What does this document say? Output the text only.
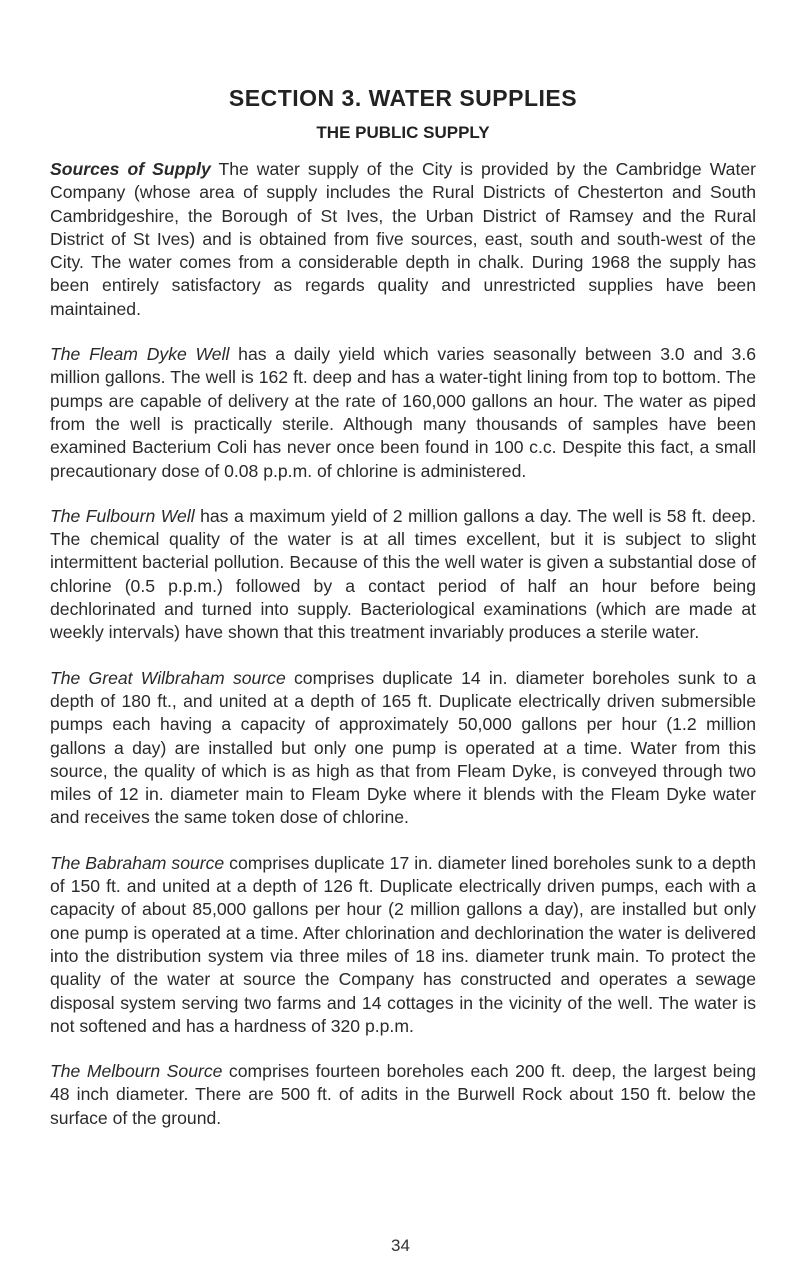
SECTION 3. WATER SUPPLIES
THE PUBLIC SUPPLY

Sources of Supply The water supply of the City is provided by the Cambridge Water Company (whose area of supply includes the Rural Districts of Chesterton and South Cambridgeshire, the Borough of St Ives, the Urban District of Ramsey and the Rural District of St Ives) and is obtained from five sources, east, south and south-west of the City. The water comes from a considerable depth in chalk. During 1968 the supply has been entirely satisfactory as regards quality and unrestricted supplies have been maintained.

The Fleam Dyke Well has a daily yield which varies seasonally between 3.0 and 3.6 million gallons. The well is 162 ft. deep and has a water-tight lining from top to bottom. The pumps are capable of delivery at the rate of 160,000 gallons an hour. The water as piped from the well is practically sterile. Although many thousands of samples have been examined Bacterium Coli has never once been found in 100 c.c. Despite this fact, a small precautionary dose of 0.08 p.p.m. of chlorine is administered.

The Fulbourn Well has a maximum yield of 2 million gallons a day. The well is 58 ft. deep. The chemical quality of the water is at all times excellent, but it is subject to slight intermittent bacterial pollution. Because of this the well water is given a substantial dose of chlorine (0.5 p.p.m.) followed by a contact period of half an hour before being dechlorinated and turned into supply. Bacteriological examinations (which are made at weekly intervals) have shown that this treatment invariably produces a sterile water.

The Great Wilbraham source comprises duplicate 14 in. diameter boreholes sunk to a depth of 180 ft., and united at a depth of 165 ft. Duplicate electrically driven submersible pumps each having a capacity of approximately 50,000 gallons per hour (1.2 million gallons a day) are installed but only one pump is operated at a time. Water from this source, the quality of which is as high as that from Fleam Dyke, is conveyed through two miles of 12 in. diameter main to Fleam Dyke where it blends with the Fleam Dyke water and receives the same token dose of chlorine.

The Babraham source comprises duplicate 17 in. diameter lined boreholes sunk to a depth of 150 ft. and united at a depth of 126 ft. Duplicate electrically driven pumps, each with a capacity of about 85,000 gallons per hour (2 million gallons a day), are installed but only one pump is operated at a time. After chlorination and dechlorination the water is delivered into the distribution system via three miles of 18 ins. diameter trunk main. To protect the quality of the water at source the Company has constructed and operates a sewage disposal system serving two farms and 14 cottages in the vicinity of the well. The water is not softened and has a hardness of 320 p.p.m.

The Melbourn Source comprises fourteen boreholes each 200 ft. deep, the largest being 48 inch diameter. There are 500 ft. of adits in the Burwell Rock about 150 ft. below the surface of the ground.

34
